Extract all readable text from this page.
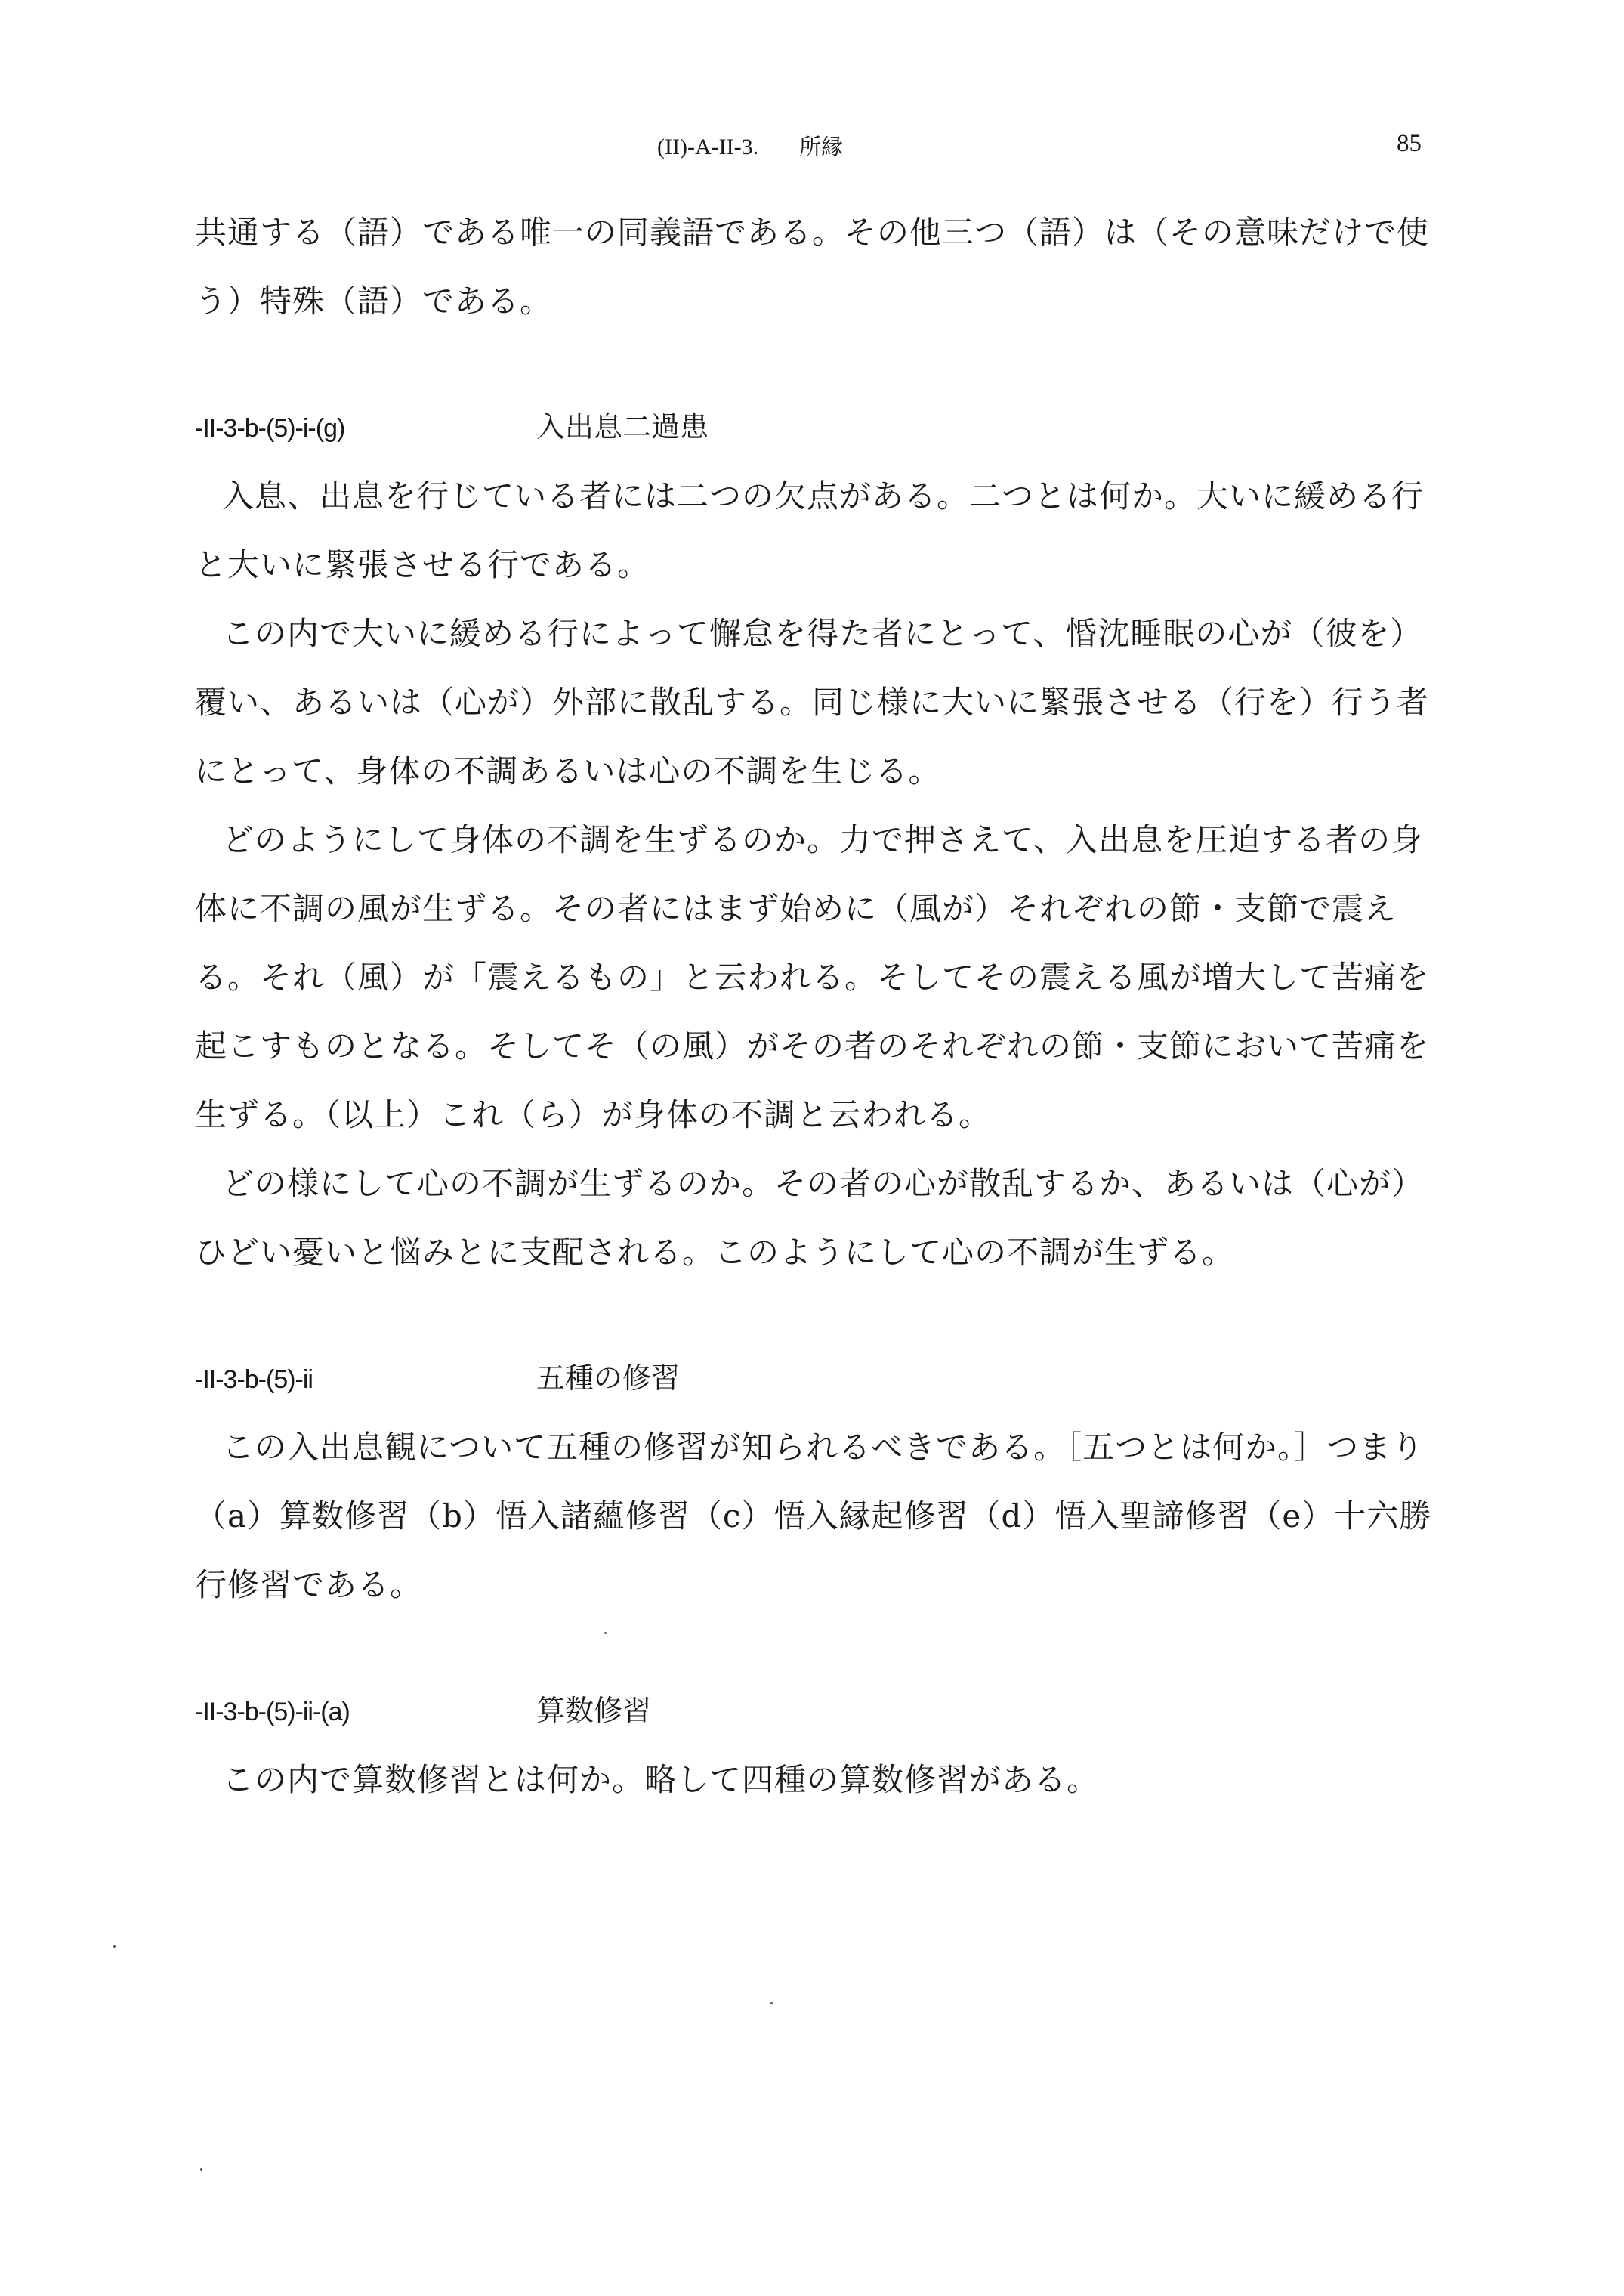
(II)-A-II-3. 所縁	85

共通する（語）である唯一の同義語である。その他三つ（語）は（その意味だけで使う）特殊（語）である。

-II-3-b-(5)-i-(g)	入出息二過患

入息、出息を行じている者には二つの欠点がある。二つとは何か。大いに緩める行と大いに緊張させる行である。

この内で大いに緩める行によって懈怠を得た者にとって、惛沈睡眠の心が（彼を）覆い、あるいは（心が）外部に散乱する。同じ様に大いに緊張させる（行を）行う者にとって、身体の不調あるいは心の不調を生じる。

どのようにして身体の不調を生ずるのか。力で押さえて、入出息を圧迫する者の身体に不調の風が生ずる。その者にはまず始めに（風が）それぞれの節・支節で震える。それ（風）が「震えるもの」と云われる。そしてその震える風が増大して苦痛を起こすものとなる。そしてそ（の風）がその者のそれぞれの節・支節において苦痛を生ずる。（以上）これ（ら）が身体の不調と云われる。

どの様にして心の不調が生ずるのか。その者の心が散乱するか、あるいは（心が）ひどい憂いと悩みとに支配される。このようにして心の不調が生ずる。

-II-3-b-(5)-ii	五種の修習

この入出息観について五種の修習が知られるべきである。［五つとは何か。］つまり（a）算数修習（b）悟入諸蘊修習（c）悟入縁起修習（d）悟入聖諦修習（e）十六勝行修習である。

-II-3-b-(5)-ii-(a)	算数修習

この内で算数修習とは何か。略して四種の算数修習がある。
